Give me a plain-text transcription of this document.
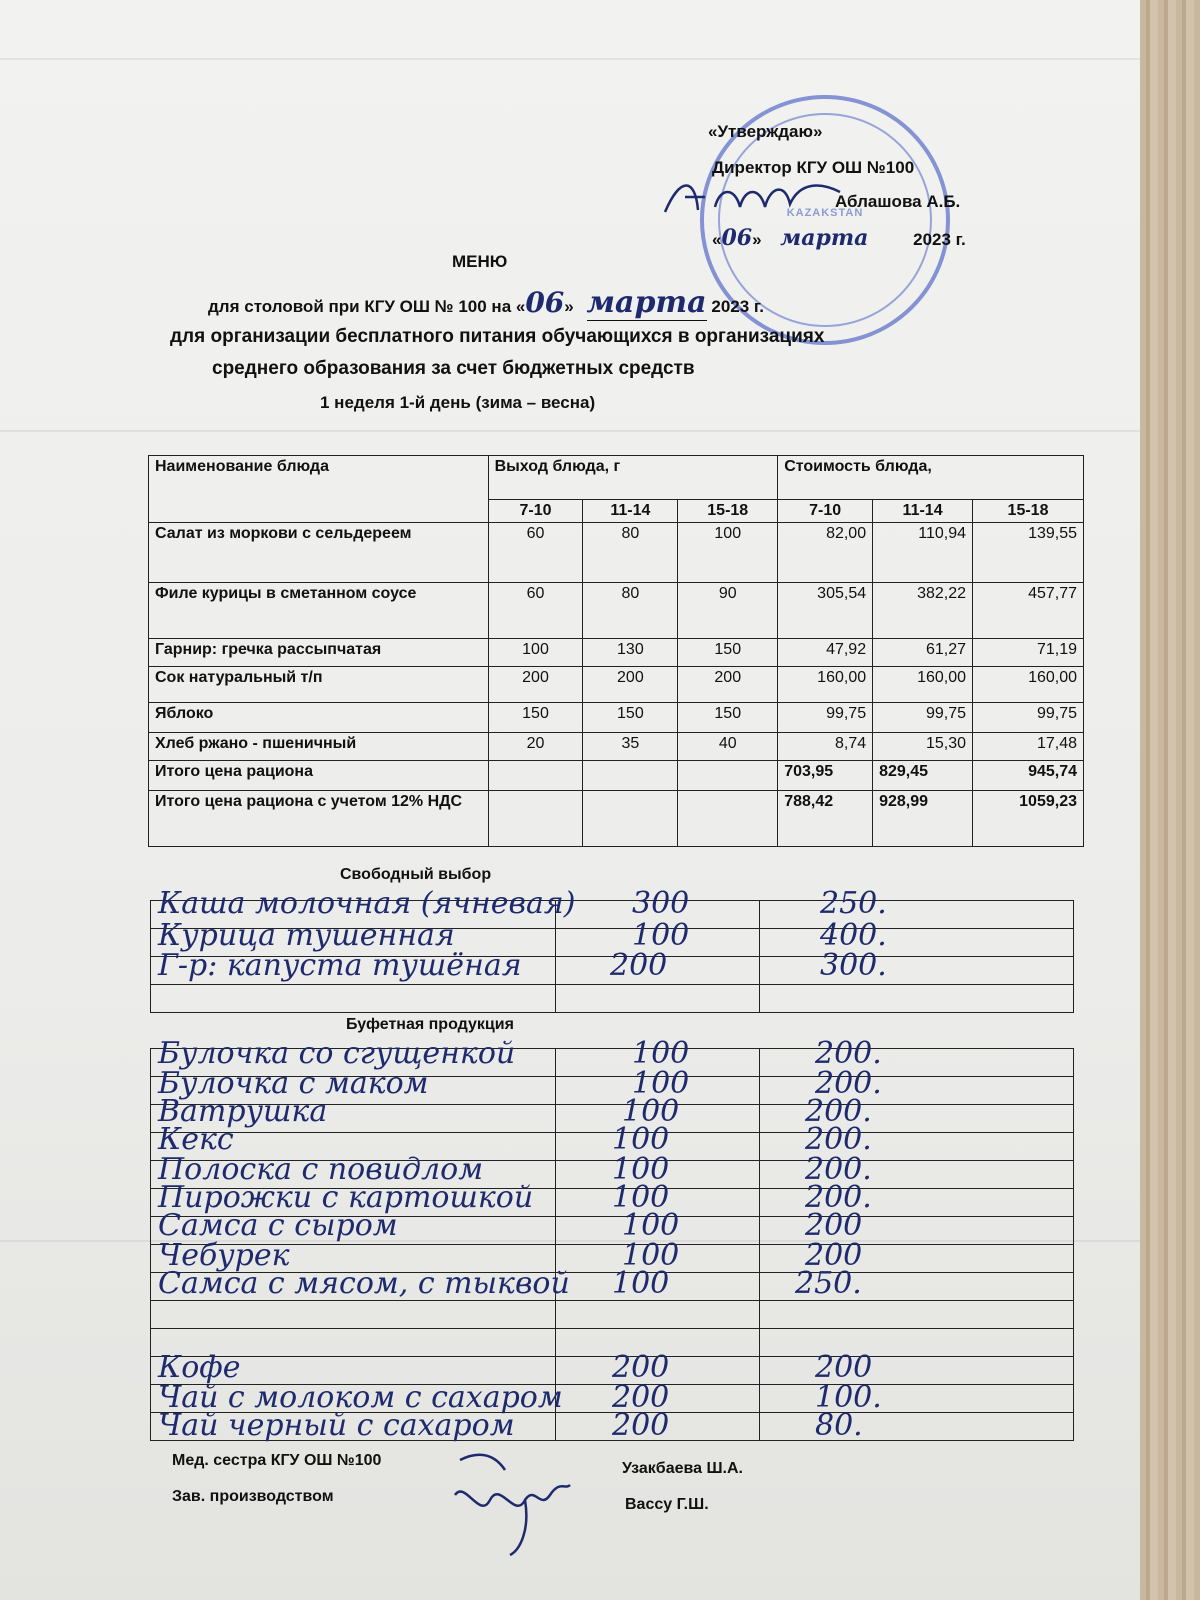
KAZAKSTAN
«Утверждаю»
Директор КГУ ОШ №100
Аблашова А.Б.
«06» марта	2023 г.
МЕНЮ
для столовой при КГУ ОШ № 100 на «06» марта 2023 г.
для организации бесплатного питания обучающихся в организациях
среднего образования за счет бюджетных средств
1 неделя 1-й день (зима – весна)
Наименование блюда	Выход блюда, г			Стоимость блюда,		
	7-10	11-14	15-18	7-10	11-14	15-18
Салат из моркови с сельдереем	60	80	100	82,00	110,94	139,55
Филе курицы в сметанном соусе	60	80	90	305,54	382,22	457,77
Гарнир: гречка рассыпчатая	100	130	150	47,92	61,27	71,19
Сок натуральный т/п	200	200	200	160,00	160,00	160,00
Яблоко	150	150	150	99,75	99,75	99,75
Хлеб ржано - пшеничный	20	35	40	8,74	15,30	17,48
Итого цена рациона				703,95	829,45	945,74
Итого цена рациона с учетом 12% НДС				788,42	928,99	1059,23
Свободный выбор

Каша молочная (ячневая) 300	250.
Курица тушенная	100	400.
Г-р: капуста тушёная	200	300.
Буфетная продукция

Булочка со сгущенкой	100	200.
Булочка с маком	100	200.
Ватрушка	100	200.
Кекс	100	200.
Полоска с повидлом	100	200.
Пирожки с картошкой	100	200.
Самса с сыром	100	200
Чебурек	100	200
Самса с мясом, с тыквой 100	250.
Кофе	200	200
Чай с молоком с сахаром 200	100.
Чай черный с сахаром	200	80.
Мед. сестра КГУ ОШ №100	Узакбаева Ш.А.
Зав. производством	Вассу Г.Ш.
